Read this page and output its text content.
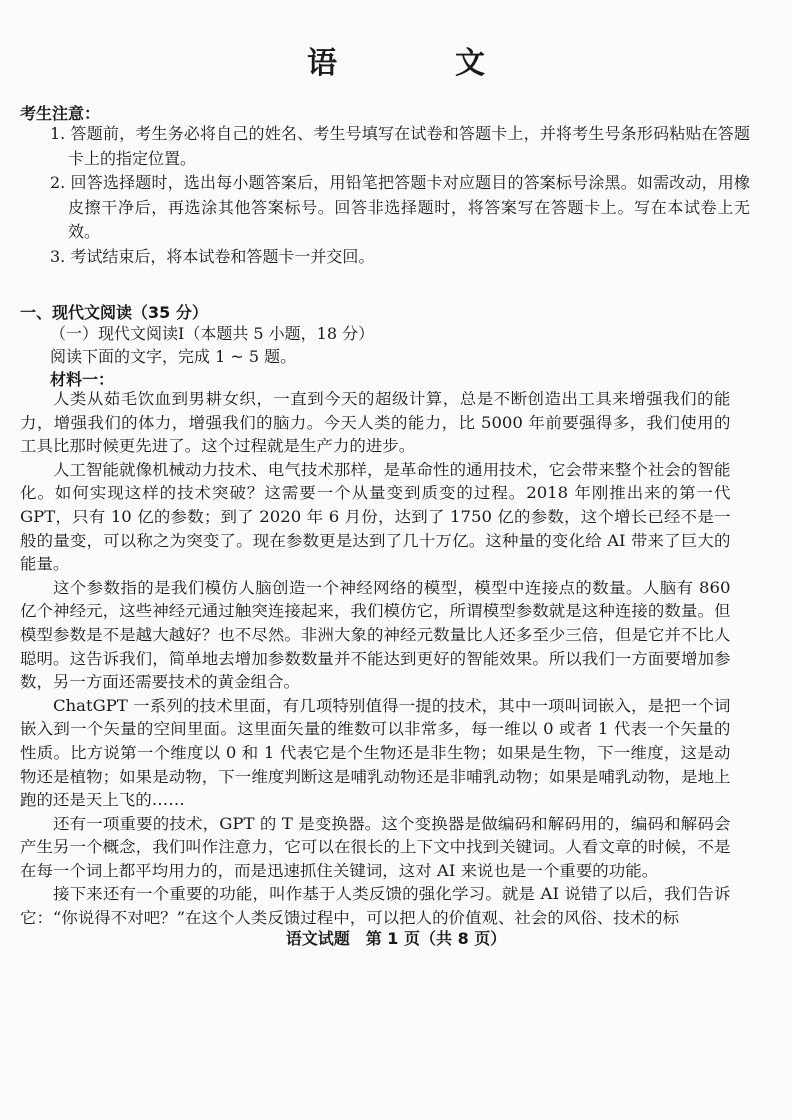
语　文
考生注意：
1. 答题前，考生务必将自己的姓名、考生号填写在试卷和答题卡上，并将考生号条形码粘贴在答题卡上的指定位置。
2. 回答选择题时，选出每小题答案后，用铅笔把答题卡对应题目的答案标号涂黑。如需改动，用橡皮擦干净后，再选涂其他答案标号。回答非选择题时，将答案写在答题卡上。写在本试卷上无效。
3. 考试结束后，将本试卷和答题卡一并交回。
一、现代文阅读（35 分）
（一）现代文阅读Ⅰ（本题共 5 小题，18 分）
阅读下面的文字，完成 1 ~ 5 题。
材料一：

人类从茹毛饮血到男耕女织，一直到今天的超级计算，总是不断创造出工具来增强我们的能力，增强我们的体力，增强我们的脑力。今天人类的能力，比 5000 年前要强得多，我们使用的工具比那时候更先进了。这个过程就是生产力的进步。

人工智能就像机械动力技术、电气技术那样，是革命性的通用技术，它会带来整个社会的智能化。如何实现这样的技术突破？这需要一个从量变到质变的过程。2018 年刚推出来的第一代 GPT，只有 10 亿的参数；到了 2020 年 6 月份，达到了 1750 亿的参数，这个增长已经不是一般的量变，可以称之为突变了。现在参数更是达到了几十万亿。这种量的变化给 AI 带来了巨大的能量。

这个参数指的是我们模仿人脑创造一个神经网络的模型，模型中连接点的数量。人脑有 860 亿个神经元，这些神经元通过触突连接起来，我们模仿它，所谓模型参数就是这种连接的数量。但模型参数是不是越大越好？也不尽然。非洲大象的神经元数量比人还多至少三倍，但是它并不比人聪明。这告诉我们，简单地去增加参数数量并不能达到更好的智能效果。所以我们一方面要增加参数，另一方面还需要技术的黄金组合。

ChatGPT 一系列的技术里面，有几项特别值得一提的技术，其中一项叫词嵌入，是把一个词嵌入到一个矢量的空间里面。这里面矢量的维数可以非常多，每一维以 0 或者 1 代表一个矢量的性质。比方说第一个维度以 0 和 1 代表它是个生物还是非生物；如果是生物，下一维度，这是动物还是植物；如果是动物，下一维度判断这是哺乳动物还是非哺乳动物；如果是哺乳动物，是地上跑的还是天上飞的……

还有一项重要的技术，GPT 的 T 是变换器。这个变换器是做编码和解码用的，编码和解码会产生另一个概念，我们叫作注意力，它可以在很长的上下文中找到关键词。人看文章的时候，不是在每一个词上都平均用力的，而是迅速抓住关键词，这对 AI 来说也是一个重要的功能。

接下来还有一个重要的功能，叫作基于人类反馈的强化学习。就是 AI 说错了以后，我们告诉它：“你说得不对吧？”在这个人类反馈过程中，可以把人的价值观、社会的风俗、技术的标

语文试题　第 1 页（共 8 页）
